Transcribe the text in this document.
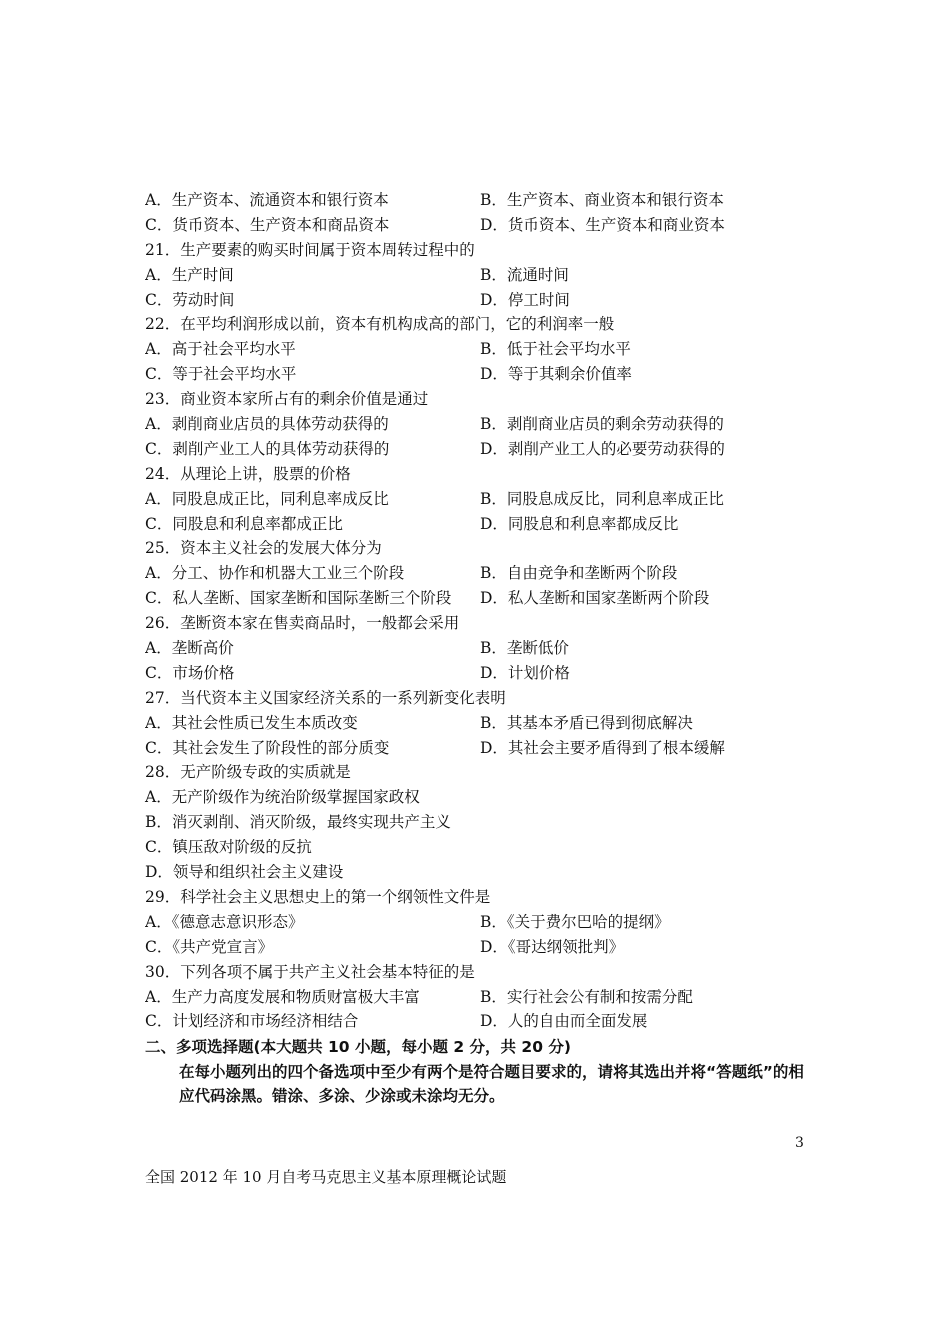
A．生产资本、流通资本和银行资本	B．生产资本、商业资本和银行资本
C．货币资本、生产资本和商品资本	D．货币资本、生产资本和商业资本
21．生产要素的购买时间属于资本周转过程中的
A．生产时间	B．流通时间
C．劳动时间	D．停工时间
22．在平均利润形成以前，资本有机构成高的部门，它的利润率一般
A．高于社会平均水平	B．低于社会平均水平
C．等于社会平均水平	D．等于其剩余价值率
23．商业资本家所占有的剩余价值是通过
A．剥削商业店员的具体劳动获得的	B．剥削商业店员的剩余劳动获得的
C．剥削产业工人的具体劳动获得的	D．剥削产业工人的必要劳动获得的
24．从理论上讲，股票的价格
A．同股息成正比，同利息率成反比	B．同股息成反比，同利息率成正比
C．同股息和利息率都成正比	D．同股息和利息率都成反比
25．资本主义社会的发展大体分为
A．分工、协作和机器大工业三个阶段	B．自由竞争和垄断两个阶段
C．私人垄断、国家垄断和国际垄断三个阶段	D．私人垄断和国家垄断两个阶段
26．垄断资本家在售卖商品时，一般都会采用
A．垄断高价	B．垄断低价
C．市场价格	D．计划价格
27．当代资本主义国家经济关系的一系列新变化表明
A．其社会性质已发生本质改变	B．其基本矛盾已得到彻底解决
C．其社会发生了阶段性的部分质变	D．其社会主要矛盾得到了根本缓解
28．无产阶级专政的实质就是
A．无产阶级作为统治阶级掌握国家政权
B．消灭剥削、消灭阶级，最终实现共产主义
C．镇压敌对阶级的反抗
D．领导和组织社会主义建设
29．科学社会主义思想史上的第一个纲领性文件是
A．《德意志意识形态》	B．《关于费尔巴哈的提纲》
C．《共产党宣言》	D．《哥达纲领批判》
30．下列各项 不 · 属于共产主义社会基本特征的是
A．生产力高度发展和物质财富极大丰富	B．实行社会公有制和按需分配
C．计划经济和市场经济相结合	D．人的自由而全面发展
二、多项选择题(本大题共 10 小题，每小题 2 分，共 20 分)
在每小题列出的四个备选项中至少有两个是符合题目要求的，请将其选出并将“答题纸”的相应代码涂黑。错涂、多涂、少涂或未涂均无分。
3
全国 2012 年 10 月自考马克思主义基本原理概论试题
